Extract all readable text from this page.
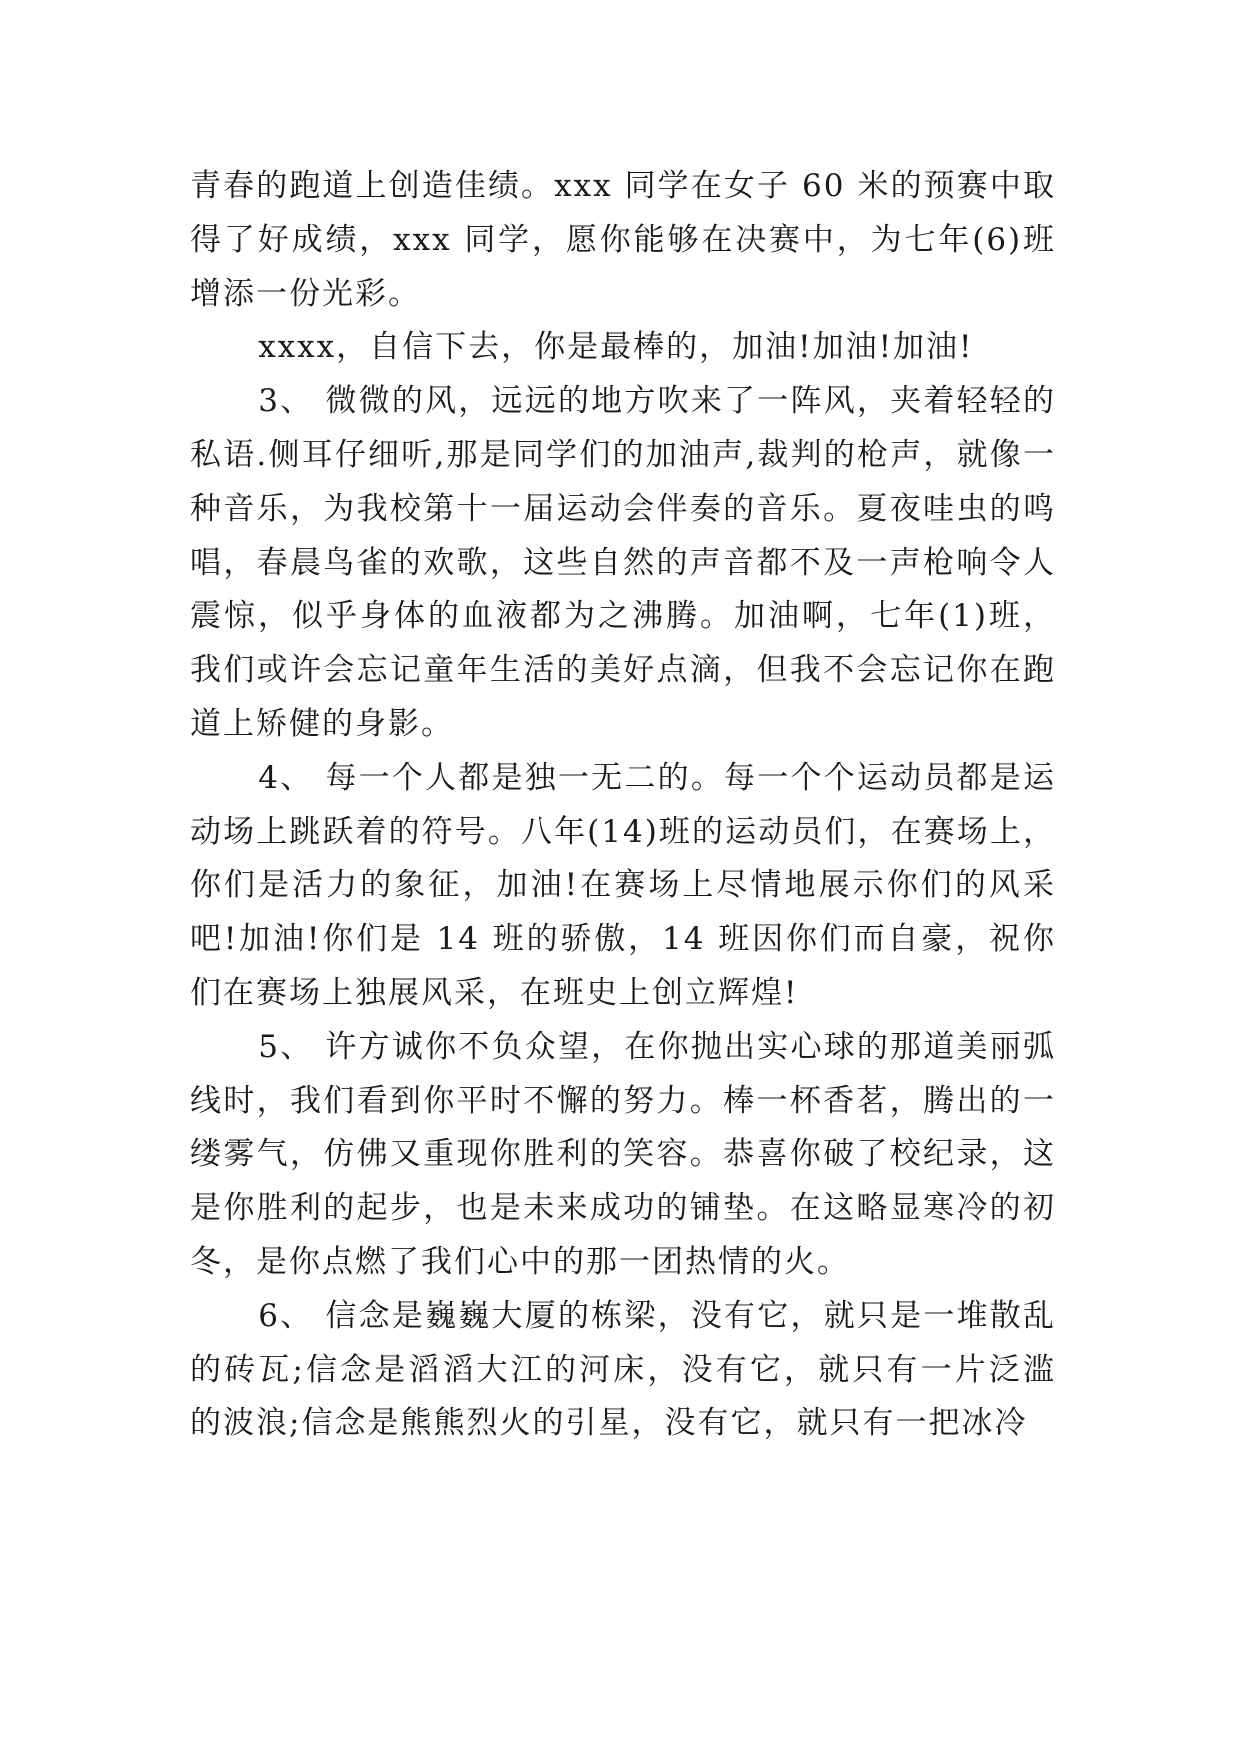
青春的跑道上创造佳绩。xxx 同学在女子 60 米的预赛中取得了好成绩，xxx 同学，愿你能够在决赛中，为七年(6)班增添一份光彩。

xxxx，自信下去，你是最棒的，加油!加油!加油!

3、 微微的风，远远的地方吹来了一阵风，夹着轻轻的私语.侧耳仔细听,那是同学们的加油声,裁判的枪声，就像一种音乐，为我校第十一届运动会伴奏的音乐。夏夜哇虫的鸣唱，春晨鸟雀的欢歌，这些自然的声音都不及一声枪响令人震惊，似乎身体的血液都为之沸腾。加油啊，七年(1)班，我们或许会忘记童年生活的美好点滴，但我不会忘记你在跑道上矫健的身影。

4、 每一个人都是独一无二的。每一个个运动员都是运动场上跳跃着的符号。八年(14)班的运动员们，在赛场上，你们是活力的象征，加油!在赛场上尽情地展示你们的风采吧!加油!你们是 14 班的骄傲，14 班因你们而自豪，祝你们在赛场上独展风采，在班史上创立辉煌!

5、 许方诚你不负众望，在你抛出实心球的那道美丽弧线时，我们看到你平时不懈的努力。棒一杯香茗，腾出的一缕雾气，仿佛又重现你胜利的笑容。恭喜你破了校纪录，这是你胜利的起步，也是未来成功的铺垫。在这略显寒冷的初冬，是你点燃了我们心中的那一团热情的火。

6、 信念是巍巍大厦的栋梁，没有它，就只是一堆散乱的砖瓦;信念是滔滔大江的河床，没有它，就只有一片泛滥的波浪;信念是熊熊烈火的引星，没有它，就只有一把冰冷
